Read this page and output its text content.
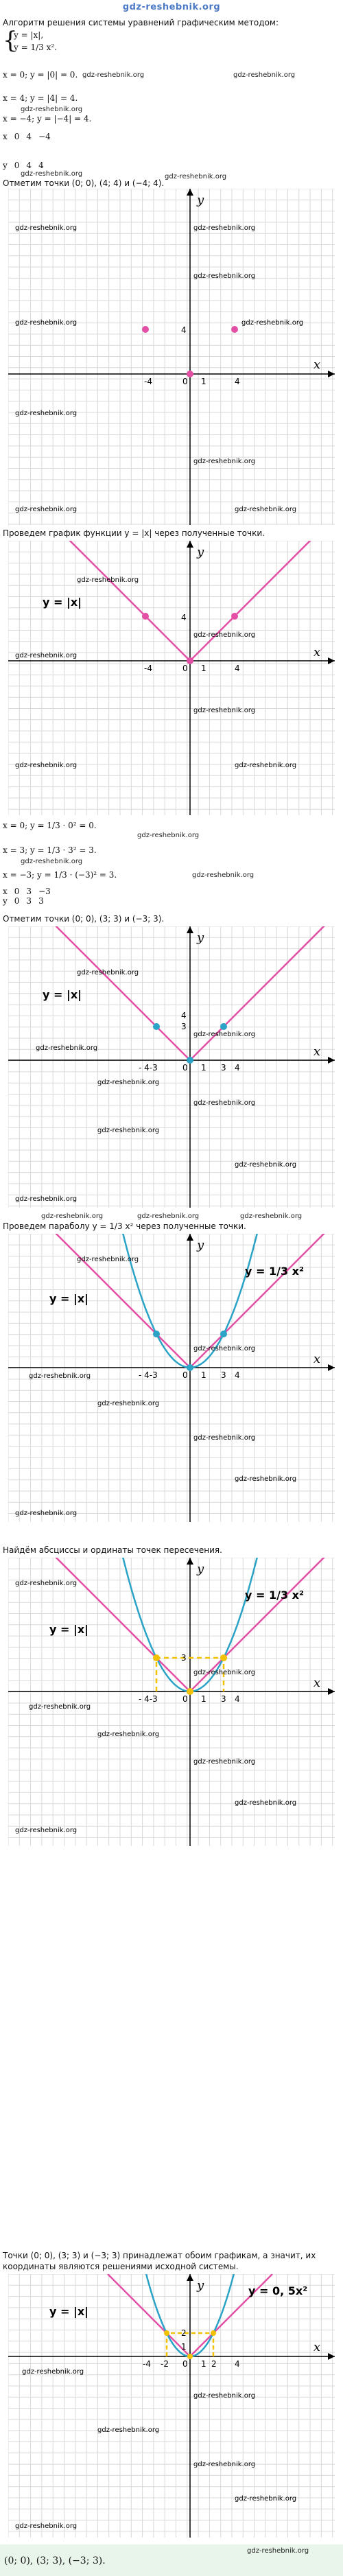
gdz-reshebnik.org
Алгоритм решения системы уравнений графическим методом:
{
y = |x|,
y = 1/3 x².
x = 0; y = |0| = 0. gdz-reshebnik.org	gdz-reshebnik.org
x = 4; y = |4| = 4.
gdz-reshebnik.org
x = −4; y = |−4| = 4.
x	0	4	−4

y	0	4	4
gdz-reshebnik.org
Отметим точки (0; 0), (4; 4) и (−4; 4).
gdz-reshebnik.org
x
y
0 1
-4	4
4
gdz-reshebnik.org	gdz-reshebnik.org
gdz-reshebnik.org
gdz-reshebnik.org	gdz-reshebnik.org
gdz-reshebnik.org
gdz-reshebnik.org
gdz-reshebnik.org	gdz-reshebnik.org
Проведем график функции y = |x| через полученные точки.
x
y
0 1
-4	4
4
y = |x|
gdz-reshebnik.org
gdz-reshebnik.org
gdz-reshebnik.org
gdz-reshebnik.org
gdz-reshebnik.org	gdz-reshebnik.org
x = 0; y = 1/3 · 0² = 0.
gdz-reshebnik.org
x = 3; y = 1/3 · 3² = 3.
gdz-reshebnik.org
x = −3; y = 1/3 · (−3)² = 3.	gdz-reshebnik.org
x	0	3	−3
y	0	3	3
Отметим точки (0; 0), (3; 3) и (−3; 3).
x
y
0 1
- 4-3	3 4
4
3
y = |x|
gdz-reshebnik.org
gdz-reshebnik.org
gdz-reshebnik.org
gdz-reshebnik.org
gdz-reshebnik.org
gdz-reshebnik.org
gdz-reshebnik.org
gdz-reshebnik.org
gdz-reshebnik.org	gdz-reshebnik.org	gdz-reshebnik.org
Проведем параболу y = 1/3 x² через полученные точки.
x
y
0 1
- 4-3	3 4
y = |x|
y = 1/3 x²
gdz-reshebnik.org
gdz-reshebnik.org
gdz-reshebnik.org
gdz-reshebnik.org
gdz-reshebnik.org
gdz-reshebnik.org
gdz-reshebnik.org
Найдём абсциссы и ординаты точек пересечения.
x
y
0 1
- 4-3	3 4
3
y = |x|
y = 1/3 x²
gdz-reshebnik.org
gdz-reshebnik.org
gdz-reshebnik.org
gdz-reshebnik.org
gdz-reshebnik.org
gdz-reshebnik.org
gdz-reshebnik.org
Точки (0; 0), (3; 3) и (−3; 3) принадлежат обоим графикам, а значит, их
координаты являются решениями исходной системы.
x
y
0 1
-4 -2	2 4
2
1
y = |x|
y = 0, 5x²
gdz-reshebnik.org
gdz-reshebnik.org
gdz-reshebnik.org
gdz-reshebnik.org
gdz-reshebnik.org
gdz-reshebnik.org
gdz-reshebnik.org
(0; 0), (3; 3), (−3; 3).
